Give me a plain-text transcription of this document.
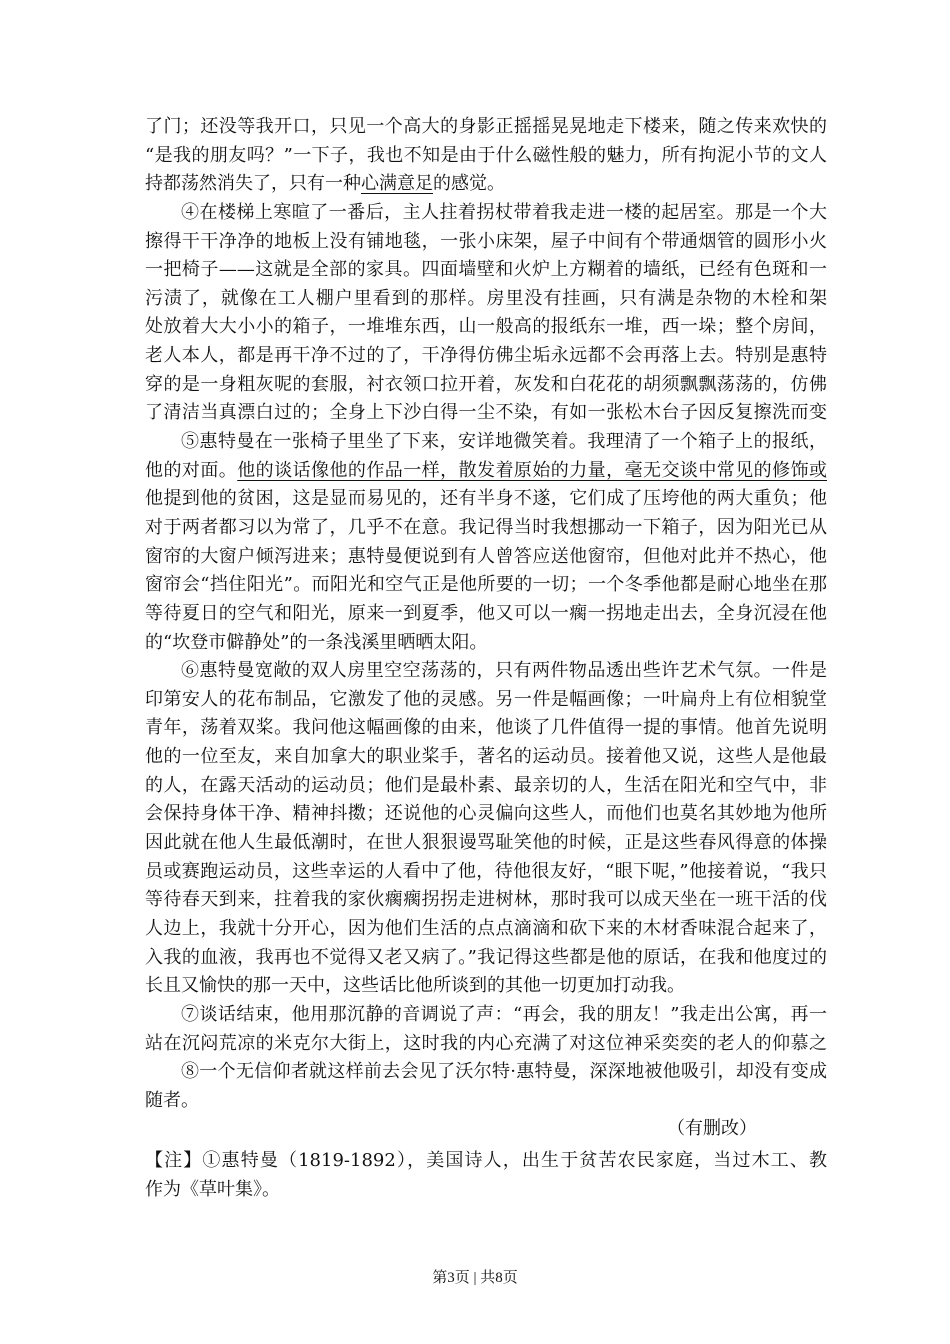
了门；还没等我开口，只见一个高大的身影正摇摇晃晃地走下楼来，随之传来欢快的
“是我的朋友吗？”一下子，我也不知是由于什么磁性般的魅力，所有拘泥小节的文人
持都荡然消失了，只有一种心满意足的感觉。
④在楼梯上寒暄了一番后，主人拄着拐杖带着我走进一楼的起居室。那是一个大
擦得干干净净的地板上没有铺地毯，一张小床架，屋子中间有个带通烟管的圆形小火
一把椅子——这就是全部的家具。四面墙壁和火炉上方糊着的墙纸，已经有色斑和一
污渍了，就像在工人棚户里看到的那样。房里没有挂画，只有满是杂物的木栓和架
处放着大大小小的箱子，一堆堆东西，山一般高的报纸东一堆，西一垛；整个房间，
老人本人，都是再干净不过的了，干净得仿佛尘垢永远都不会再落上去。特别是惠特
穿的是一身粗灰呢的套服，衬衣领口拉开着，灰发和白花花的胡须飘飘荡荡的，仿佛
了清洁当真漂白过的；全身上下沙白得一尘不染，有如一张松木台子因反复擦洗而变
⑤惠特曼在一张椅子里坐了下来，安详地微笑着。我理清了一个箱子上的报纸，
他的对面。他的谈话像他的作品一样，散发着原始的力量，毫无交谈中常见的修饰或
他提到他的贫困，这是显而易见的，还有半身不遂，它们成了压垮他的两大重负；他
对于两者都习以为常了，几乎不在意。我记得当时我想挪动一下箱子，因为阳光已从
窗帘的大窗户倾泻进来；惠特曼便说到有人曾答应送他窗帘，但他对此并不热心，他
窗帘会“挡住阳光”。而阳光和空气正是他所要的一切；一个冬季他都是耐心地坐在那
等待夏日的空气和阳光，原来一到夏季，他又可以一瘸一拐地走出去，全身沉浸在他
的“坎登市僻静处”的一条浅溪里晒晒太阳。
⑥惠特曼宽敞的双人房里空空荡荡的，只有两件物品透出些许艺术气氛。一件是
印第安人的花布制品，它激发了他的灵感。另一件是幅画像；一叶扁舟上有位相貌堂
青年，荡着双桨。我问他这幅画像的由来，他谈了几件值得一提的事情。他首先说明
他的一位至友，来自加拿大的职业桨手，著名的运动员。接着他又说，这些人是他最
的人，在露天活动的运动员；他们是最朴素、最亲切的人，生活在阳光和空气中，非
会保持身体干净、精神抖擞；还说他的心灵偏向这些人，而他们也莫名其妙地为他所
因此就在他人生最低潮时，在世人狠狠谩骂耻笑他的时候，正是这些春风得意的体操
员或赛跑运动员，这些幸运的人看中了他，待他很友好，“眼下呢，”他接着说，“我只
等待春天到来，拄着我的家伙瘸瘸拐拐走进树林，那时我可以成天坐在一班干活的伐
人边上，我就十分开心，因为他们生活的点点滴滴和砍下来的木材香味混合起来了，
入我的血液，我再也不觉得又老又病了。”我记得这些都是他的原话，在我和他度过的
长且又愉快的那一天中，这些话比他所谈到的其他一切更加打动我。
⑦谈话结束，他用那沉静的音调说了声：“再会，我的朋友！”我走出公寓，再一
站在沉闷荒凉的米克尔大街上，这时我的内心充满了对这位神采奕奕的老人的仰慕之
⑧一个无信仰者就这样前去会见了沃尔特·惠特曼，深深地被他吸引，却没有变成
随者。
（有删改）
【注】①惠特曼（1819-1892），美国诗人，出生于贫苦农民家庭，当过木工、教
作为《草叶集》。
第3页 | 共8页
